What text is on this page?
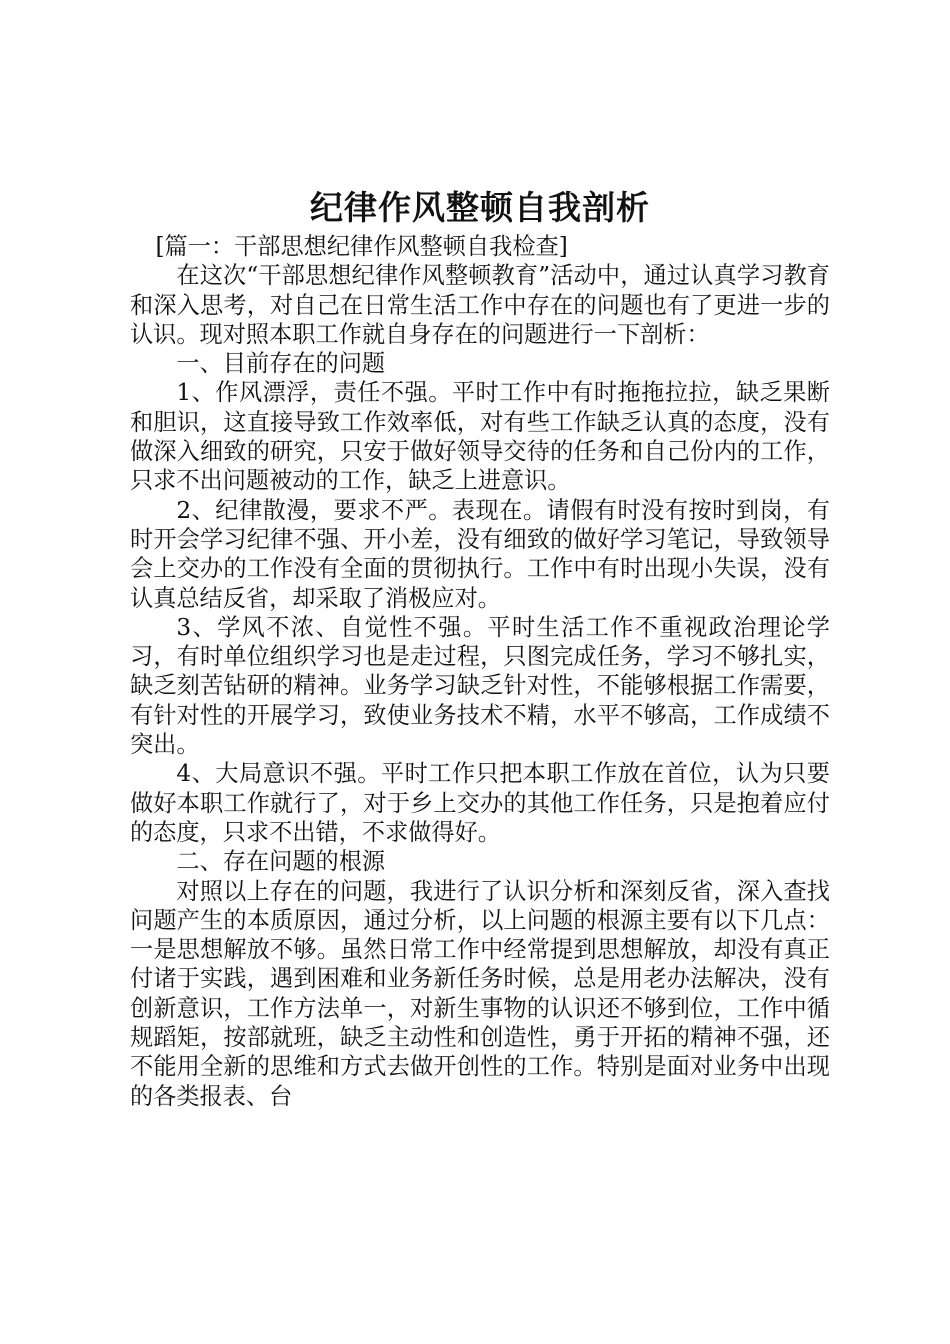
纪律作风整顿自我剖析

[篇一：干部思想纪律作风整顿自我检查]

在这次“干部思想纪律作风整顿教育”活动中，通过认真学习教育和深入思考，对自己在日常生活工作中存在的问题也有了更进一步的认识。现对照本职工作就自身存在的问题进行一下剖析：

一、目前存在的问题

1、作风漂浮，责任不强。平时工作中有时拖拖拉拉，缺乏果断和胆识，这直接导致工作效率低，对有些工作缺乏认真的态度，没有做深入细致的研究，只安于做好领导交待的任务和自己份内的工作，只求不出问题被动的工作，缺乏上进意识。

2、纪律散漫，要求不严。表现在。请假有时没有按时到岗，有时开会学习纪律不强、开小差，没有细致的做好学习笔记，导致领导会上交办的工作没有全面的贯彻执行。工作中有时出现小失误，没有认真总结反省，却采取了消极应对。

3、学风不浓、自觉性不强。平时生活工作不重视政治理论学习，有时单位组织学习也是走过程，只图完成任务，学习不够扎实，缺乏刻苦钻研的精神。业务学习缺乏针对性，不能够根据工作需要，有针对性的开展学习，致使业务技术不精，水平不够高，工作成绩不突出。

4、大局意识不强。平时工作只把本职工作放在首位，认为只要做好本职工作就行了，对于乡上交办的其他工作任务，只是抱着应付的态度，只求不出错，不求做得好。

二、存在问题的根源

对照以上存在的问题，我进行了认识分析和深刻反省，深入查找问题产生的本质原因，通过分析，以上问题的根源主要有以下几点：一是思想解放不够。虽然日常工作中经常提到思想解放，却没有真正付诸于实践，遇到困难和业务新任务时候，总是用老办法解决，没有创新意识，工作方法单一，对新生事物的认识还不够到位，工作中循规蹈矩，按部就班，缺乏主动性和创造性，勇于开拓的精神不强，还不能用全新的思维和方式去做开创性的工作。特别是面对业务中出现的各类报表、台
